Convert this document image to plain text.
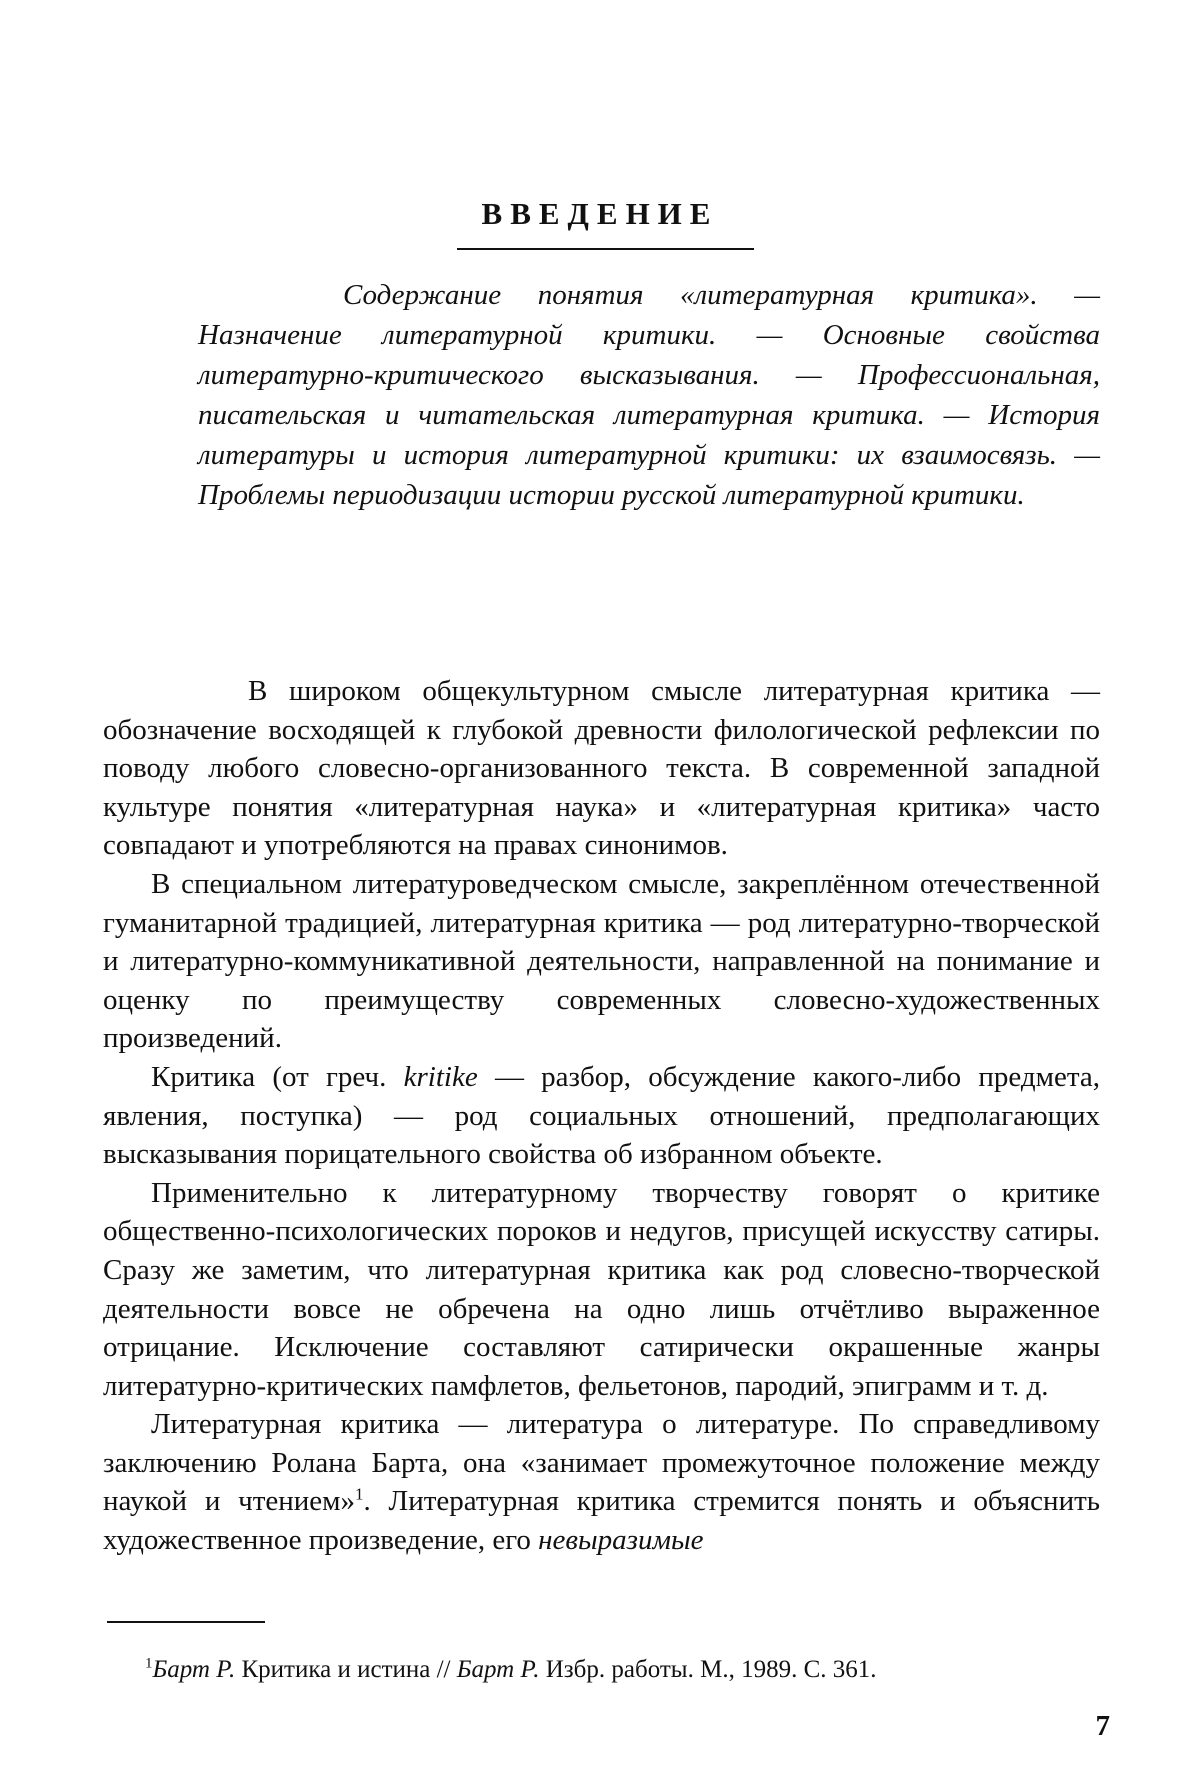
ВВЕДЕНИЕ

Содержание понятия «литературная критика». — Назначение литературной критики. — Основные свойства литературно-критического высказывания. — Профессиональная, писательская и читательская литературная критика. — История литературы и история литературной критики: их взаимосвязь. — Проблемы периодизации истории русской литературной критики.

В широком общекультурном смысле литературная критика — обозначение восходящей к глубокой древности филологической рефлексии по поводу любого словесно-организованного текста. В современной западной культуре понятия «литературная наука» и «литературная критика» часто совпадают и употребляются на правах синонимов.

В специальном литературоведческом смысле, закреплённом отечественной гуманитарной традицией, литературная критика — род литературно-творческой и литературно-коммуникативной деятельности, направленной на понимание и оценку по преимуществу современных словесно-художественных произведений.

Критика (от греч. kritike — разбор, обсуждение какого-либо предмета, явления, поступка) — род социальных отношений, предполагающих высказывания порицательного свойства об избранном объекте.

Применительно к литературному творчеству говорят о критике общественно-психологических пороков и недугов, присущей искусству сатиры. Сразу же заметим, что литературная критика как род словесно-творческой деятельности вовсе не обречена на одно лишь отчётливо выраженное отрицание. Исключение составляют сатирически окрашенные жанры литературно-критических памфлетов, фельетонов, пародий, эпиграмм и т. д.

Литературная критика — литература о литературе. По справедливому заключению Ролана Барта, она «занимает промежуточное положение между наукой и чтением»$^1$. Литературная критика стремится понять и объяснить художественное произведение, его невыразимые

$^1$Барт Р. Критика и истина // Барт Р. Избр. работы. М., 1989. С. 361.

7
